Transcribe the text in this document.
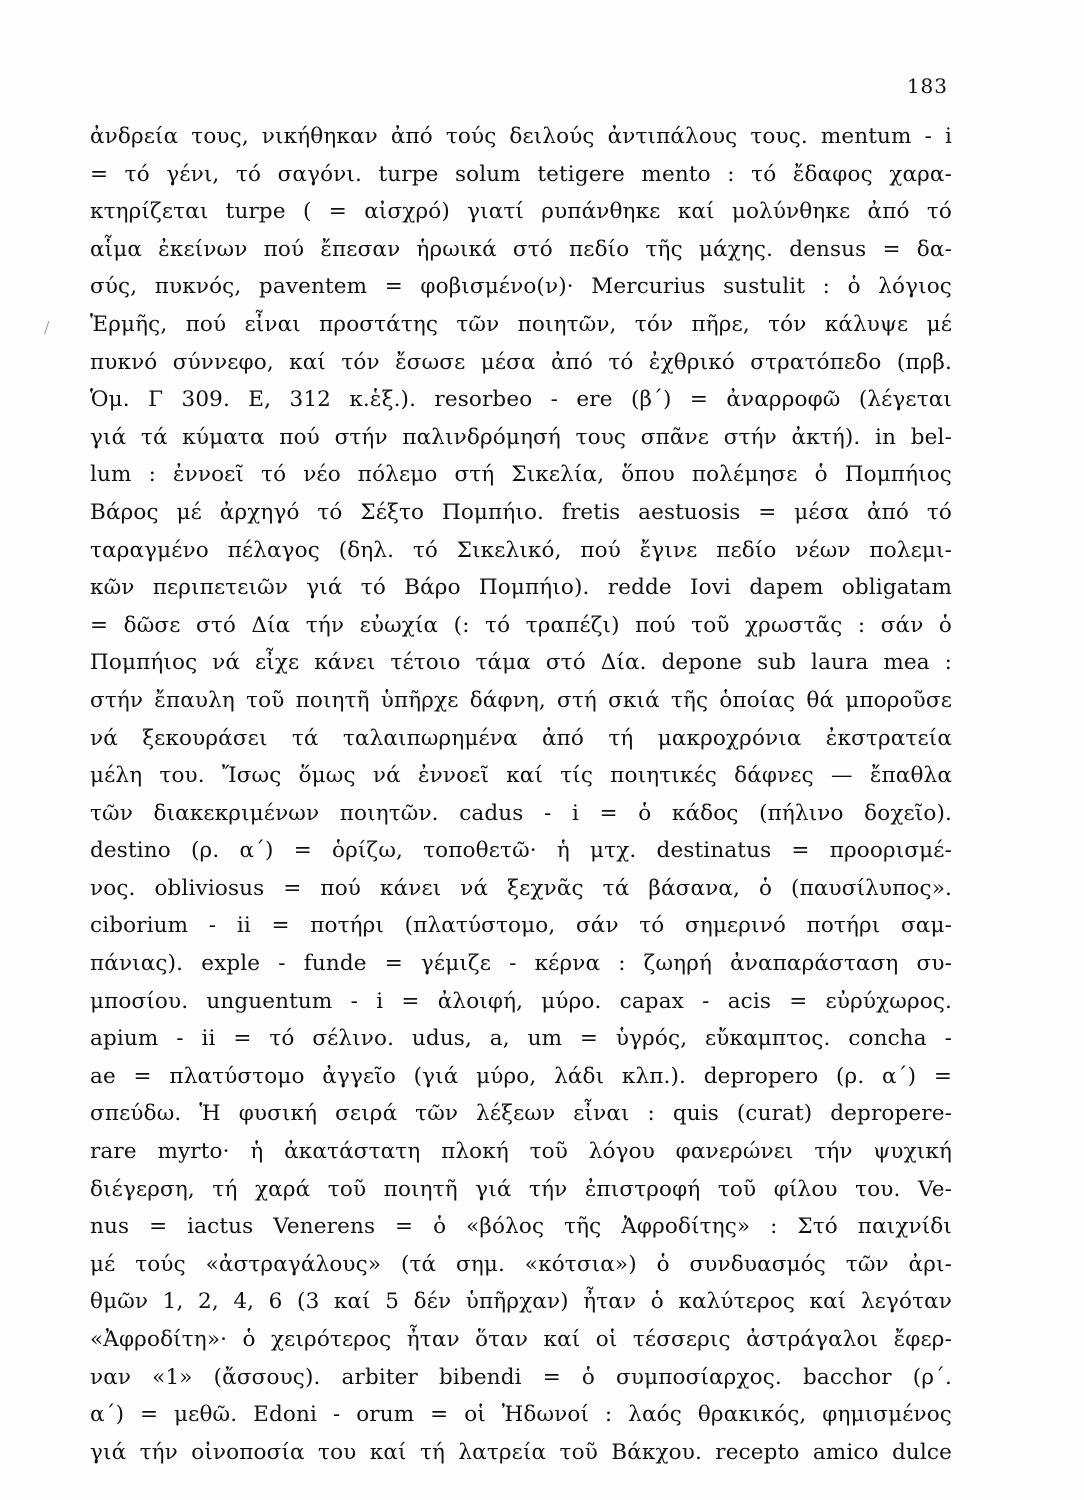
183
ἀνδρεία τους, νικήθηκαν ἀπό τούς δειλούς ἀντιπάλους τους. mentum - i
= τό γένι, τό σαγόνι. turpe solum tetigere mento : τό ἔδαφος χαρα-
κτηρίζεται turpe ( = αἰσχρό) γιατί ρυπάνθηκε καί μολύνθηκε ἀπό τό
αἷμα ἐκείνων πού ἔπεσαν ἡρωικά στό πεδίο τῆς μάχης. densus = δα-
σύς, πυκνός, paventem = φοβισμένο(ν)· Mercurius sustulit : ὁ λόγιος
Ἑρμῆς, πού εἶναι προστάτης τῶν ποιητῶν, τόν πῆρε, τόν κάλυψε μέ
πυκνό σύννεφο, καί τόν ἔσωσε μέσα ἀπό τό ἐχθρικό στρατόπεδο (πρβ.
Ὁμ. Γ 309. Ε, 312 κ.ἑξ.). resorbeo - ere (β΄) = ἀναρροφῶ (λέγεται
γιά τά κύματα πού στήν παλινδρόμησή τους σπᾶνε στήν ἀκτή). in bel-
lum : ἐννοεῖ τό νέο πόλεμο στή Σικελία, ὅπου πολέμησε ὁ Πομπήιος
Βάρος μέ ἀρχηγό τό Σέξτο Πομπήιο. fretis aestuosis = μέσα ἀπό τό
ταραγμένο πέλαγος (δηλ. τό Σικελικό, πού ἔγινε πεδίο νέων πολεμι-
κῶν περιπετειῶν γιά τό Βάρο Πομπήιο). redde Iovi dapem obligatam
= δῶσε στό Δία τήν εὐωχία (: τό τραπέζι) πού τοῦ χρωστᾶς : σάν ὁ
Πομπήιος νά εἶχε κάνει τέτοιο τάμα στό Δία. depone sub laura mea :
στήν ἔπαυλη τοῦ ποιητῆ ὑπῆρχε δάφνη, στή σκιά τῆς ὁποίας θά μποροῦσε
νά ξεκουράσει τά ταλαιπωρημένα ἀπό τή μακροχρόνια ἐκστρατεία
μέλη του. Ἴσως ὅμως νά ἐννοεῖ καί τίς ποιητικές δάφνες — ἔπαθλα
τῶν διακεκριμένων ποιητῶν. cadus - i = ὁ κάδος (πήλινο δοχεῖο).
destino (ρ. α΄) = ὁρίζω, τοποθετῶ· ἡ μτχ. destinatus = προορισμέ-
νος. obliviosus = πού κάνει νά ξεχνᾶς τά βάσανα, ὁ (παυσίλυπος».
ciborium - ii = ποτήρι (πλατύστομο, σάν τό σημερινό ποτήρι σαμ-
πάνιας). exple - funde = γέμιζε - κέρνα : ζωηρή ἀναπαράσταση συ-
μποσίου. unguentum - i = ἀλοιφή, μύρο. capax - acis = εὐρύχωρος.
apium - ii = τό σέλινο. udus, a, um = ὑγρός, εὔκαμπτος. concha -
ae = πλατύστομο ἀγγεῖο (γιά μύρο, λάδι κλπ.). depropero (ρ. α΄) =
σπεύδω. Ἡ φυσική σειρά τῶν λέξεων εἶναι : quis (curat) depropere-
rare myrto· ἡ ἀκατάστατη πλοκή τοῦ λόγου φανερώνει τήν ψυχική
διέγερση, τή χαρά τοῦ ποιητῆ γιά τήν ἐπιστροφή τοῦ φίλου του. Ve-
nus = iactus Venerens = ὁ «βόλος τῆς Ἀφροδίτης» : Στό παιχνίδι
μέ τούς «ἀστραγάλους» (τά σημ. «κότσια») ὁ συνδυασμός τῶν ἀρι-
θμῶν 1, 2, 4, 6 (3 καί 5 δέν ὑπῆρχαν) ἦταν ὁ καλύτερος καί λεγόταν
«Ἀφροδίτη»· ὁ χειρότερος ἦταν ὅταν καί οἱ τέσσερις ἀστράγαλοι ἔφερ-
ναν «1» (ἄσσους). arbiter bibendi = ὁ συμποσίαρχος. bacchor (ρ΄.
α΄) = μεθῶ. Edoni - orum = οἱ Ἠδωνοί : λαός θρακικός, φημισμένος
γιά τήν οἰνοποσία του καί τή λατρεία τοῦ Βάκχου. recepto amico dulce
